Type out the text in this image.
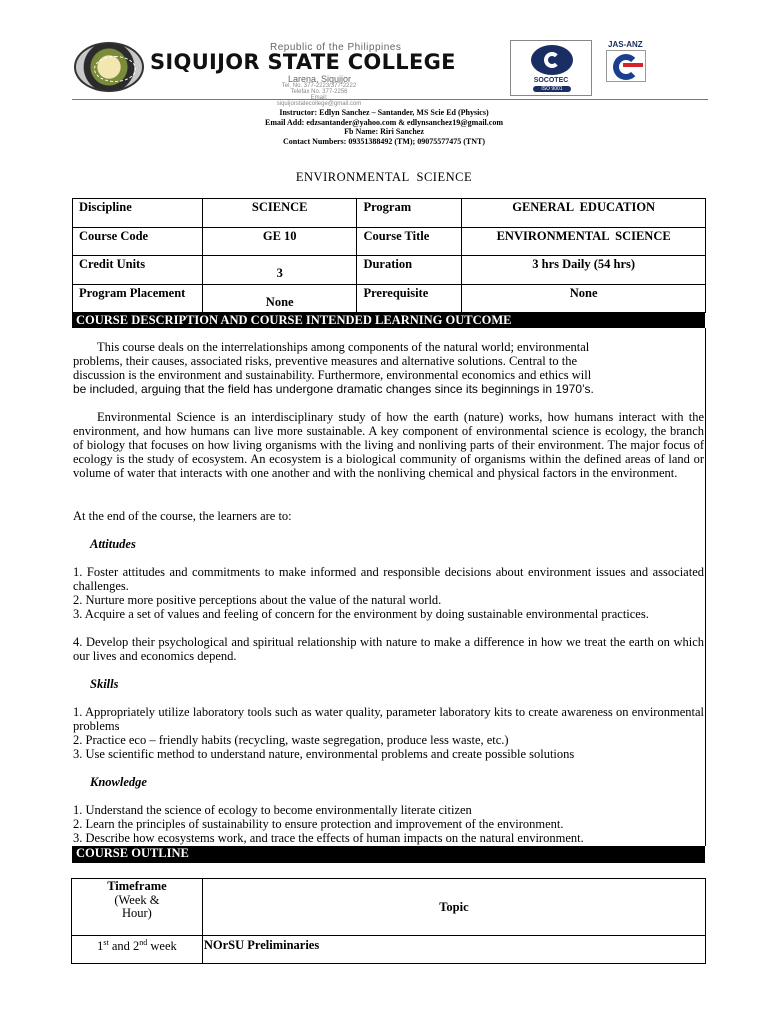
Republic of the Philippines
SIQUIJOR STATE COLLEGE
Larena, Siquijor
Tel. No. 377-2223/377-2222
Telefax No. 377-2256
Email: siquijorstatecollege@gmail.com
SOCOTEC
ISO 9001
JAS-ANZ
Instructor: Edlyn Sanchez – Santander, MS Scie Ed (Physics)
Email Add: edzsantander@yahoo.com & edlynsanchez19@gmail.com
Fb Name: Riri Sanchez
Contact Numbers: 09351388492 (TM); 09075577475 (TNT)
ENVIRONMENTAL  SCIENCE
Discipline	SCIENCE	Program	GENERAL  EDUCATION
Course Code	GE 10	Course Title	ENVIRONMENTAL  SCIENCE
Credit Units	3	Duration	3 hrs Daily (54 hrs)
Program Placement	None	Prerequisite	None
COURSE DESCRIPTION AND COURSE INTENDED LEARNING OUTCOME
This course deals on the interrelationships among components of the natural world; environmental
problems, their causes, associated risks, preventive measures and alternative solutions. Central to the
discussion is the environment and sustainability. Furthermore, environmental economics and ethics will
be included, arguing that the field has undergone dramatic changes since its beginnings in 1970’s.
Environmental Science is an interdisciplinary study of how the earth (nature) works, how humans interact with the environment, and how humans can live more sustainable. A key component of environmental science is ecology, the branch of biology that focuses on how living organisms with the living and nonliving parts of their environment. The major focus of ecology is the study of ecosystem. An ecosystem is a biological community of organisms within the defined areas of land or volume of water that interacts with one another and with the nonliving chemical and physical factors in the environment.
At the end of the course, the learners are to:
Attitudes
1. Foster attitudes and commitments to make informed and responsible decisions about environment issues and associated challenges.
2. Nurture more positive perceptions about the value of the natural world.
3. Acquire a set of values and feeling of concern for the environment by doing sustainable environmental practices.
4. Develop their psychological and spiritual relationship with nature to make a difference in how we treat the earth on which our lives and economics depend.
Skills
1. Appropriately utilize laboratory tools such as water quality, parameter laboratory kits to create awareness on environmental problems
2. Practice eco – friendly habits (recycling, waste segregation, produce less waste, etc.)
3. Use scientific method to understand nature, environmental problems and create possible solutions
Knowledge
1. Understand the science of ecology to become environmentally literate citizen
2. Learn the principles of sustainability to ensure protection and improvement of the environment.
3. Describe how ecosystems work, and trace the effects of human impacts on the natural environment.
COURSE OUTLINE
Timeframe
(Week &
Hour)	Topic
1st and 2nd week	NOrSU Preliminaries
